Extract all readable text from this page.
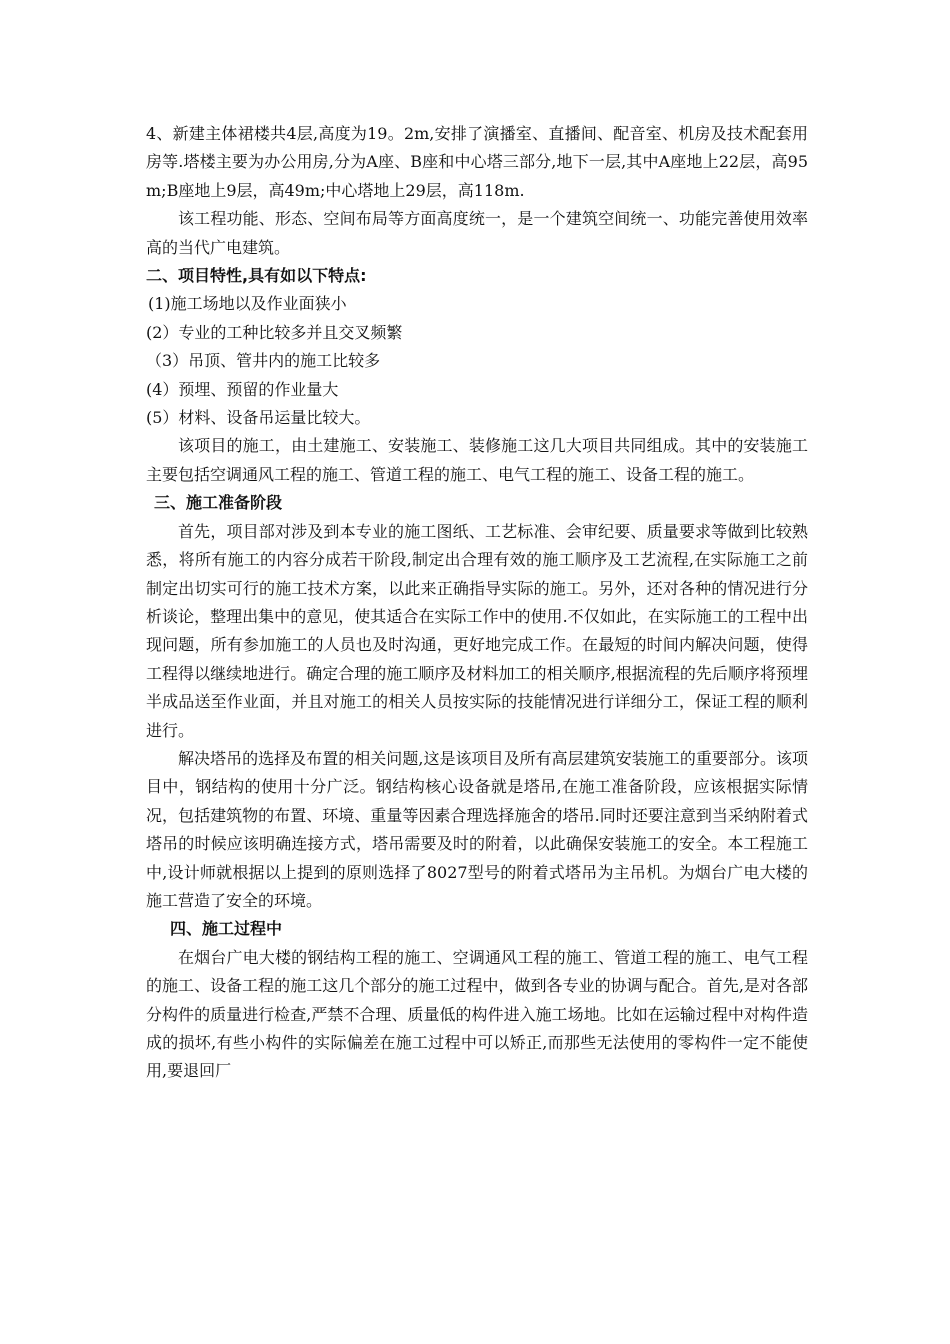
4、新建主体裙楼共4层,高度为19。2m,安排了演播室、直播间、配音室、机房及技术配套用房等.塔楼主要为办公用房,分为A座、B座和中心塔三部分,地下一层,其中A座地上22层，高95m;B座地上9层，高49m;中心塔地上29层，高118m.

该工程功能、形态、空间布局等方面高度统一，是一个建筑空间统一、功能完善使用效率高的当代广电建筑。

二、项目特性,具有如以下特点:

(1)施工场地以及作业面狭小

(2）专业的工种比较多并且交叉频繁

（3）吊顶、管井内的施工比较多

(4）预埋、预留的作业量大

(5）材料、设备吊运量比较大。

该项目的施工，由土建施工、安装施工、装修施工这几大项目共同组成。其中的安装施工主要包括空调通风工程的施工、管道工程的施工、电气工程的施工、设备工程的施工。

三、施工准备阶段

首先，项目部对涉及到本专业的施工图纸、工艺标准、会审纪要、质量要求等做到比较熟悉，将所有施工的内容分成若干阶段,制定出合理有效的施工顺序及工艺流程,在实际施工之前制定出切实可行的施工技术方案，以此来正确指导实际的施工。另外，还对各种的情况进行分析谈论，整理出集中的意见，使其适合在实际工作中的使用.不仅如此，在实际施工的工程中出现问题，所有参加施工的人员也及时沟通，更好地完成工作。在最短的时间内解决问题，使得工程得以继续地进行。确定合理的施工顺序及材料加工的相关顺序,根据流程的先后顺序将预埋半成品送至作业面，并且对施工的相关人员按实际的技能情况进行详细分工，保证工程的顺利进行。

解决塔吊的选择及布置的相关问题,这是该项目及所有高层建筑安装施工的重要部分。该项目中，钢结构的使用十分广泛。钢结构核心设备就是塔吊,在施工准备阶段，应该根据实际情况，包括建筑物的布置、环境、重量等因素合理选择施舍的塔吊.同时还要注意到当采纳附着式塔吊的时候应该明确连接方式，塔吊需要及时的附着，以此确保安装施工的安全。本工程施工中,设计师就根据以上提到的原则选择了8027型号的附着式塔吊为主吊机。为烟台广电大楼的施工营造了安全的环境。

四、施工过程中

在烟台广电大楼的钢结构工程的施工、空调通风工程的施工、管道工程的施工、电气工程的施工、设备工程的施工这几个部分的施工过程中，做到各专业的协调与配合。首先,是对各部分构件的质量进行检查,严禁不合理、质量低的构件进入施工场地。比如在运输过程中对构件造成的损坏,有些小构件的实际偏差在施工过程中可以矫正,而那些无法使用的零构件一定不能使用,要退回厂
